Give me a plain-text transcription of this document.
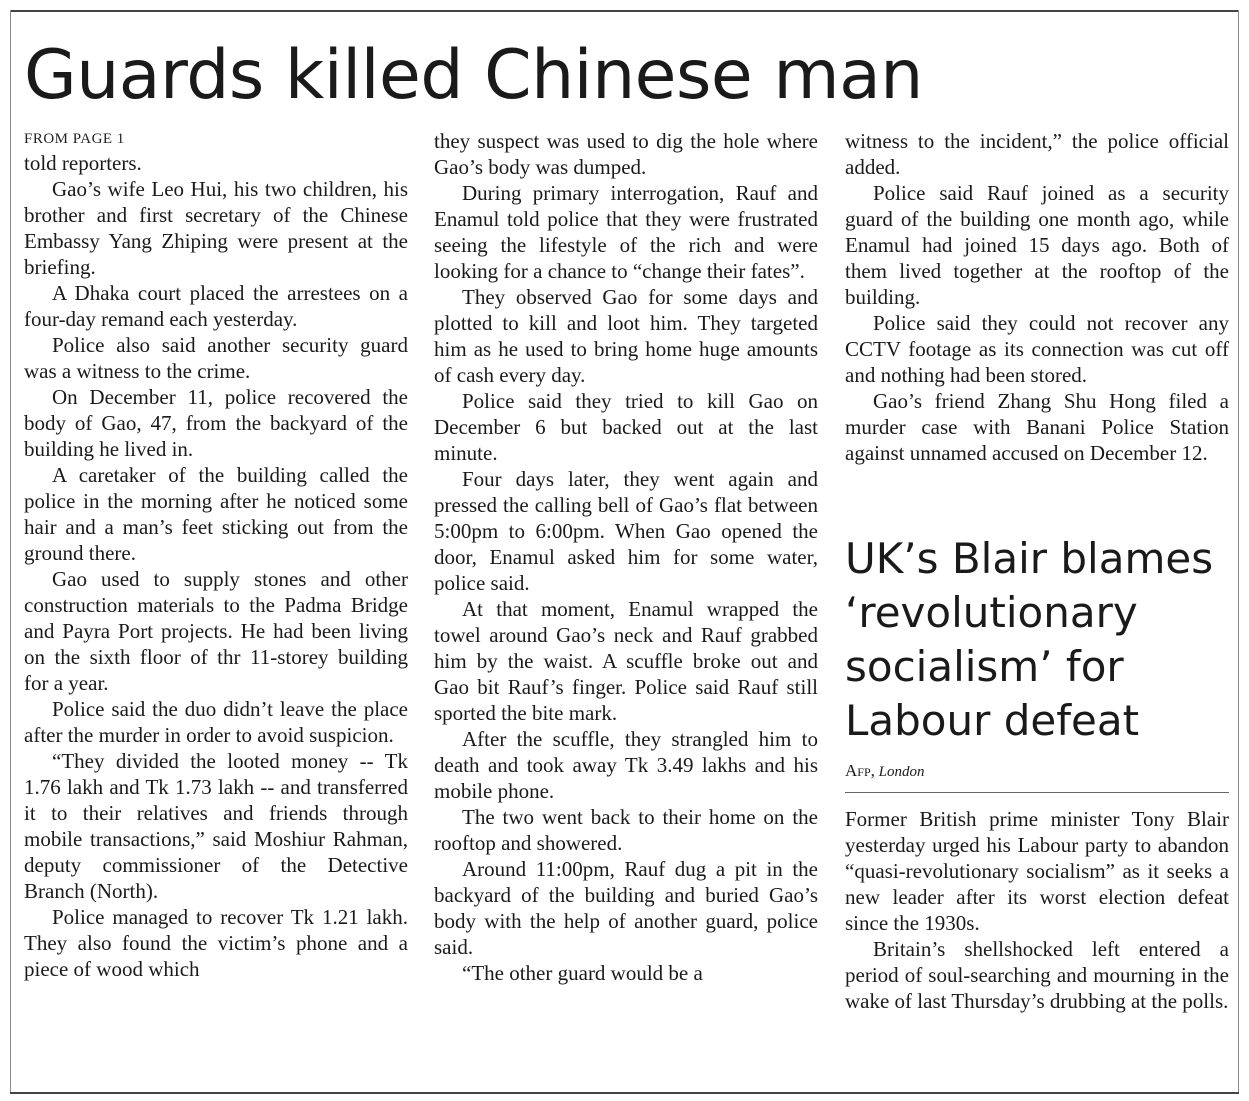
Guards killed Chinese man
FROM PAGE 1

told reporters.

Gao’s wife Leo Hui, his two children, his brother and first secretary of the Chinese Embassy Yang Zhiping were present at the briefing.

A Dhaka court placed the arrestees on a four-day remand each yesterday.

Police also said another security guard was a witness to the crime.

On December 11, police recovered the body of Gao, 47, from the backyard of the building he lived in.

A caretaker of the building called the police in the morning after he noticed some hair and a man’s feet sticking out from the ground there.

Gao used to supply stones and other construction materials to the Padma Bridge and Payra Port projects. He had been living on the sixth floor of thr 11-storey building for a year.

Police said the duo didn’t leave the place after the murder in order to avoid suspicion.

“They divided the looted money -- Tk 1.76 lakh and Tk 1.73 lakh -- and transferred it to their relatives and friends through mobile transactions,” said Moshiur Rahman, deputy commissioner of the Detective Branch (North).

Police managed to recover Tk 1.21 lakh. They also found the victim’s phone and a piece of wood which

they suspect was used to dig the hole where Gao’s body was dumped.

During primary interrogation, Rauf and Enamul told police that they were frustrated seeing the lifestyle of the rich and were looking for a chance to “change their fates”.

They observed Gao for some days and plotted to kill and loot him. They targeted him as he used to bring home huge amounts of cash every day.

Police said they tried to kill Gao on December 6 but backed out at the last minute.

Four days later, they went again and pressed the calling bell of Gao’s flat between 5:00pm to 6:00pm. When Gao opened the door, Enamul asked him for some water, police said.

At that moment, Enamul wrapped the towel around Gao’s neck and Rauf grabbed him by the waist. A scuffle broke out and Gao bit Rauf’s finger. Police said Rauf still sported the bite mark.

After the scuffle, they strangled him to death and took away Tk 3.49 lakhs and his mobile phone.

The two went back to their home on the rooftop and showered.

Around 11:00pm, Rauf dug a pit in the backyard of the building and buried Gao’s body with the help of another guard, police said.

“The other guard would be a

witness to the incident,” the police official added.

Police said Rauf joined as a security guard of the building one month ago, while Enamul had joined 15 days ago. Both of them lived together at the rooftop of the building.

Police said they could not recover any CCTV footage as its connection was cut off and nothing had been stored.

Gao’s friend Zhang Shu Hong filed a murder case with Banani Police Station against unnamed accused on December 12.

UK’s Blair blames ‘revolutionary socialism’ for Labour defeat
Afp, London

Former British prime minister Tony Blair yesterday urged his Labour party to abandon “quasi-revolutionary socialism” as it seeks a new leader after its worst election defeat since the 1930s.

Britain’s shellshocked left entered a period of soul-searching and mourning in the wake of last Thursday’s drubbing at the polls.
